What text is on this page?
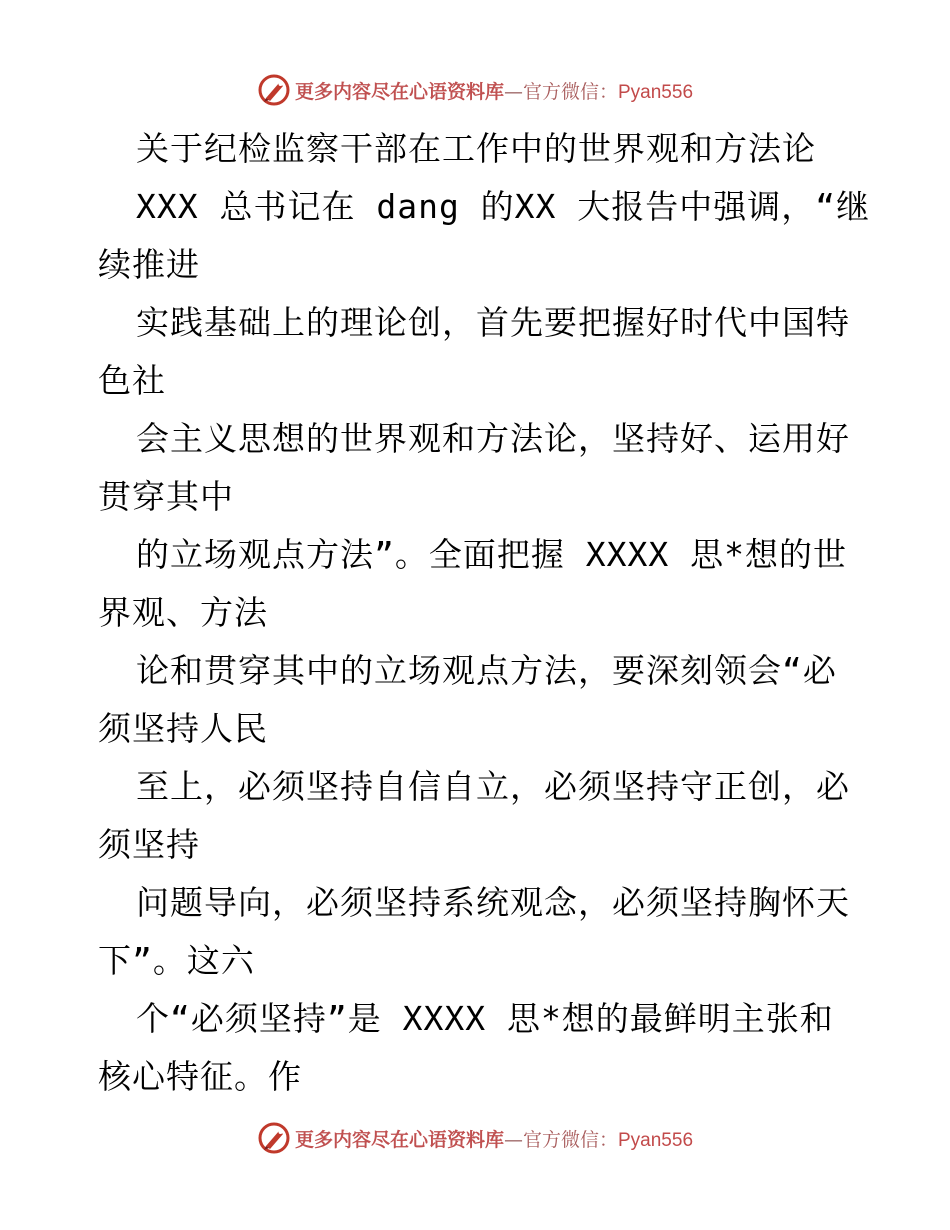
更多内容尽在心语资料库—官方微信：Pyan556
关于纪检监察干部在工作中的世界观和方法论
XXX 总书记在 dang 的XX 大报告中强调，“继
续推进
实践基础上的理论创，首先要把握好时代中国特
色社
会主义思想的世界观和方法论，坚持好、运用好
贯穿其中
的立场观点方法”。全面把握 XXXX 思*想的世
界观、方法
论和贯穿其中的立场观点方法，要深刻领会“必
须坚持人民
至上，必须坚持自信自立，必须坚持守正创，必
须坚持
问题导向，必须坚持系统观念，必须坚持胸怀天
下”。这六
个“必须坚持”是 XXXX 思*想的最鲜明主张和
核心特征。作
更多内容尽在心语资料库—官方微信：Pyan556
